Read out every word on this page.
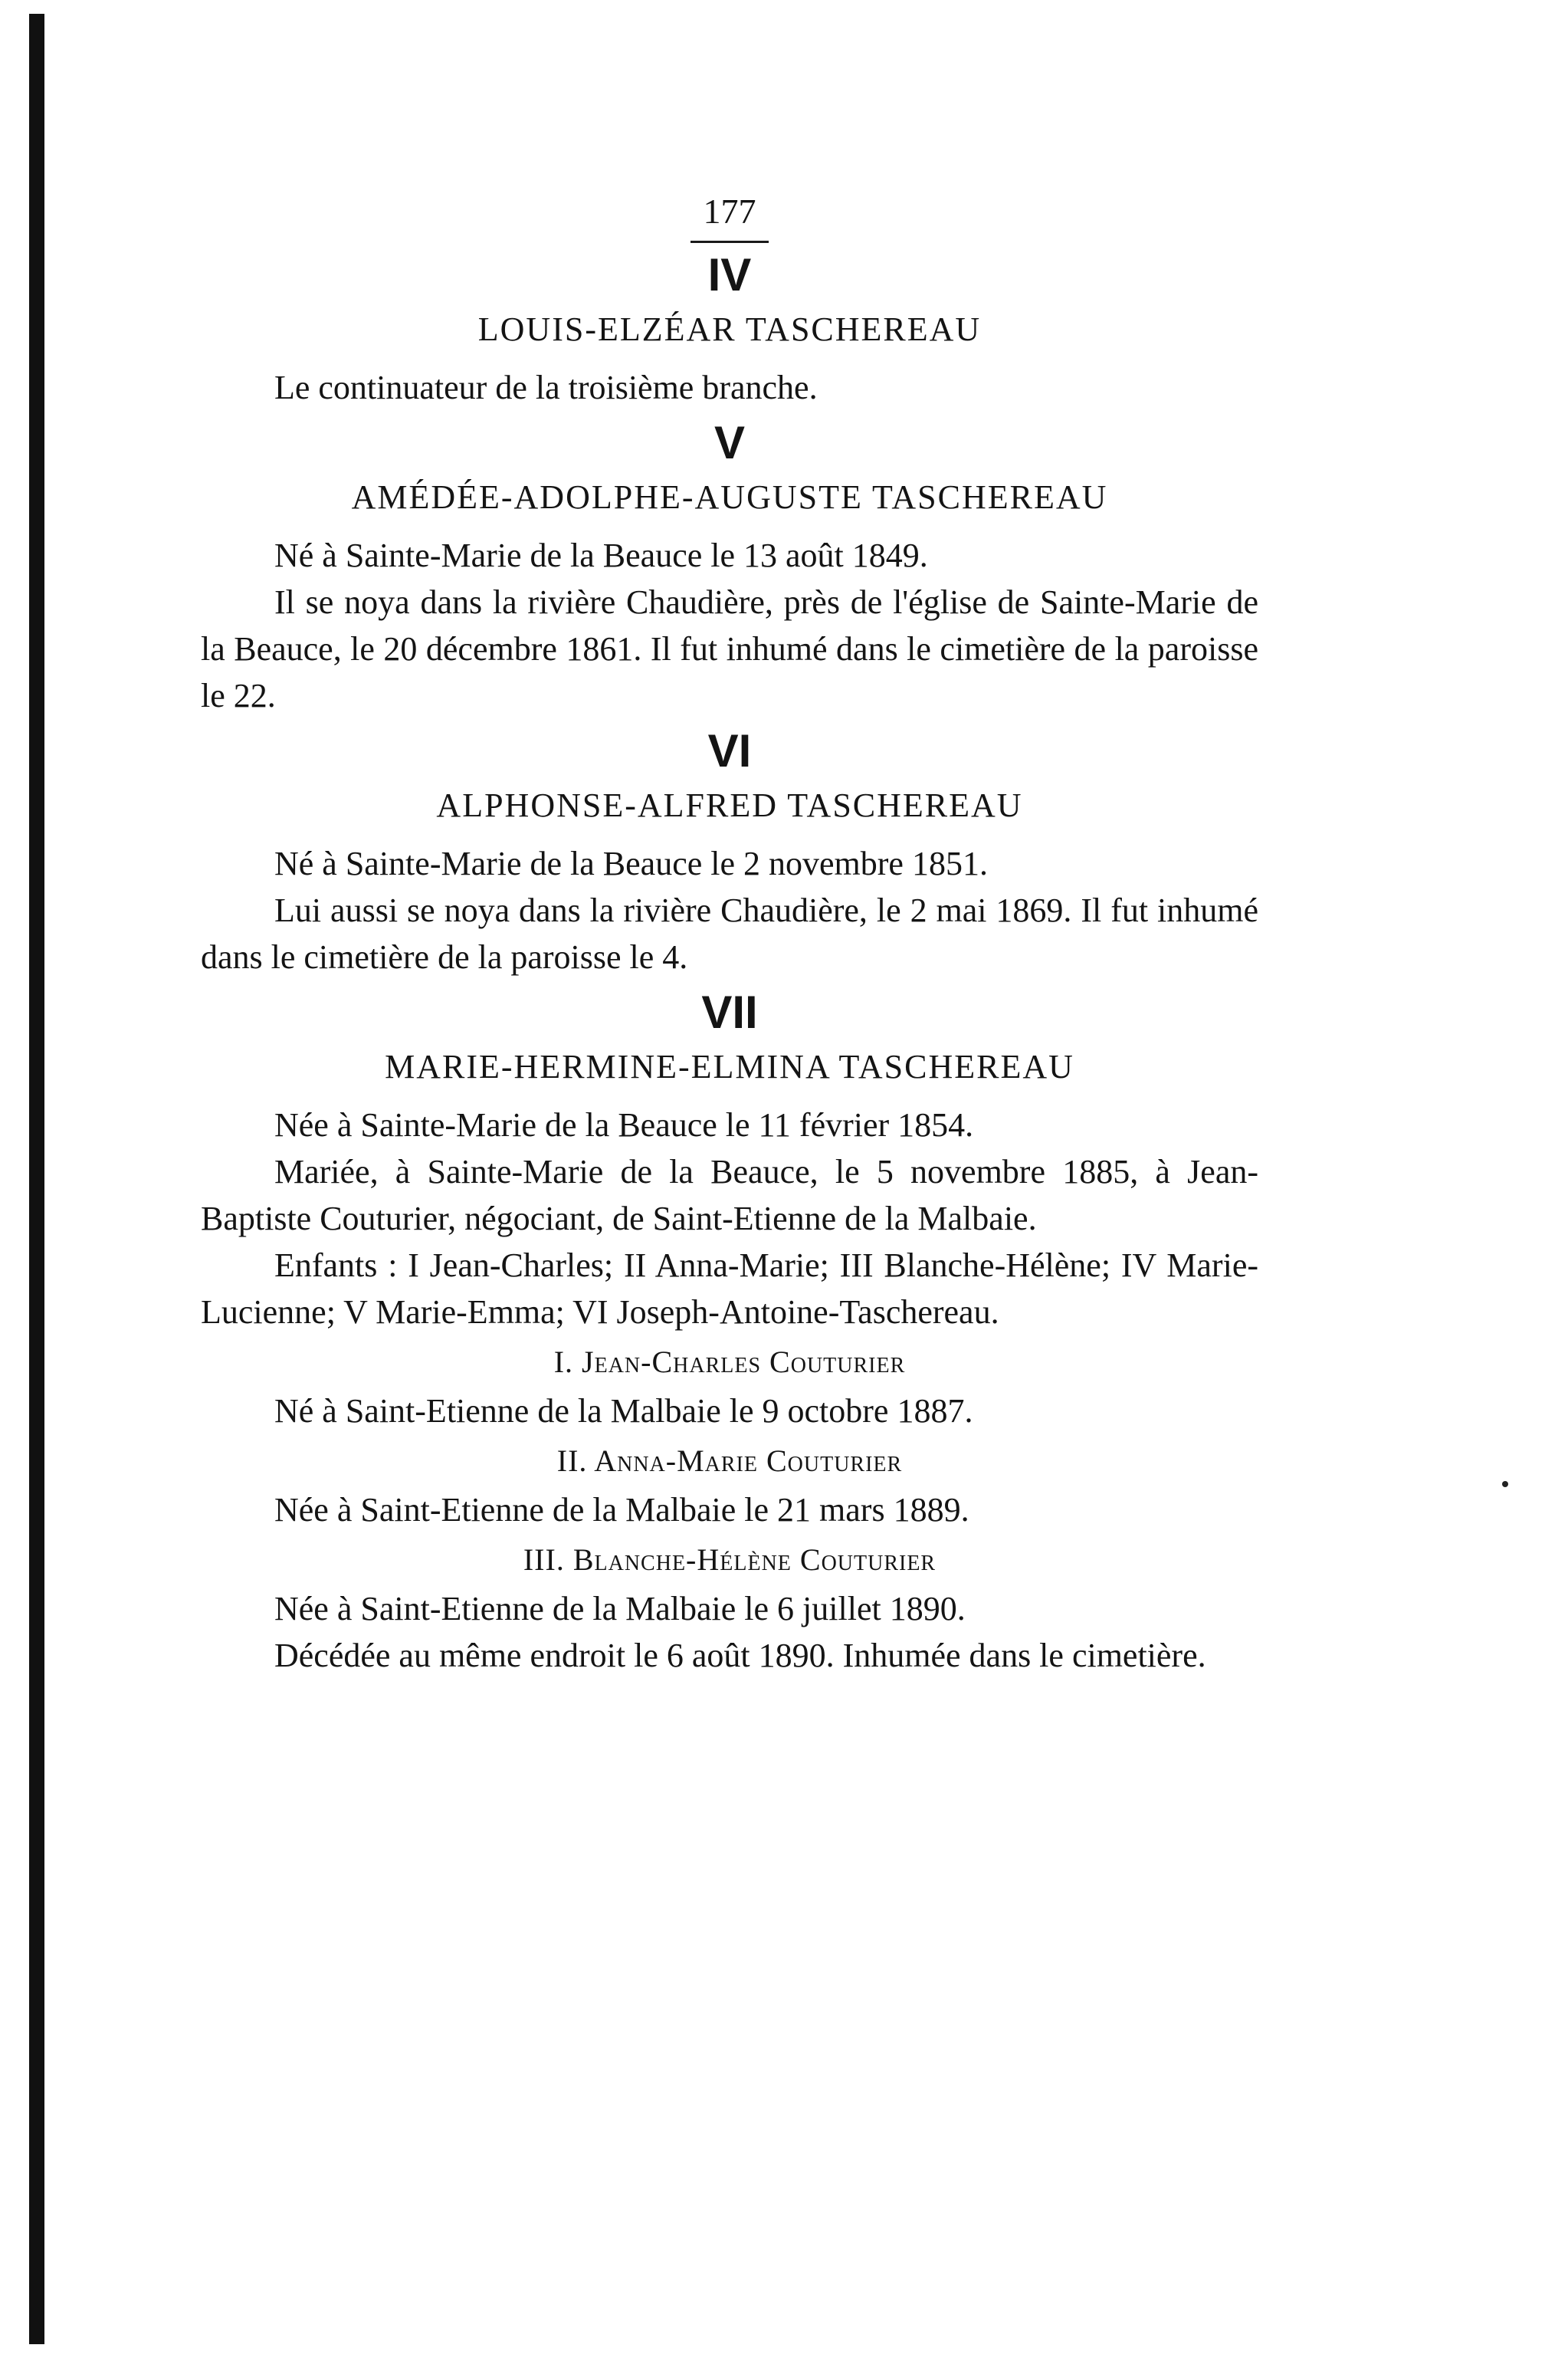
177
IV
LOUIS-ELZÉAR TASCHEREAU

Le continuateur de la troisième branche.

V
AMÉDÉE-ADOLPHE-AUGUSTE TASCHEREAU

Né à Sainte-Marie de la Beauce le 13 août 1849.

Il se noya dans la rivière Chaudière, près de l'église de Sainte-Marie de la Beauce, le 20 décembre 1861. Il fut inhumé dans le cimetière de la paroisse le 22.

VI
ALPHONSE-ALFRED TASCHEREAU

Né à Sainte-Marie de la Beauce le 2 novembre 1851.

Lui aussi se noya dans la rivière Chaudière, le 2 mai 1869. Il fut inhumé dans le cimetière de la paroisse le 4.

VII
MARIE-HERMINE-ELMINA TASCHEREAU

Née à Sainte-Marie de la Beauce le 11 février 1854.

Mariée, à Sainte-Marie de la Beauce, le 5 novembre 1885, à Jean-Baptiste Couturier, négociant, de Saint-Etienne de la Malbaie.

Enfants : I Jean-Charles; II Anna-Marie; III Blanche-Hélène; IV Marie-Lucienne; V Marie-Emma; VI Joseph-Antoine-Taschereau.

I. Jean-Charles Couturier

Né à Saint-Etienne de la Malbaie le 9 octobre 1887.

II. Anna-Marie Couturier

Née à Saint-Etienne de la Malbaie le 21 mars 1889.

III. Blanche-Hélène Couturier

Née à Saint-Etienne de la Malbaie le 6 juillet 1890.

Décédée au même endroit le 6 août 1890. Inhumée dans le cimetière.
